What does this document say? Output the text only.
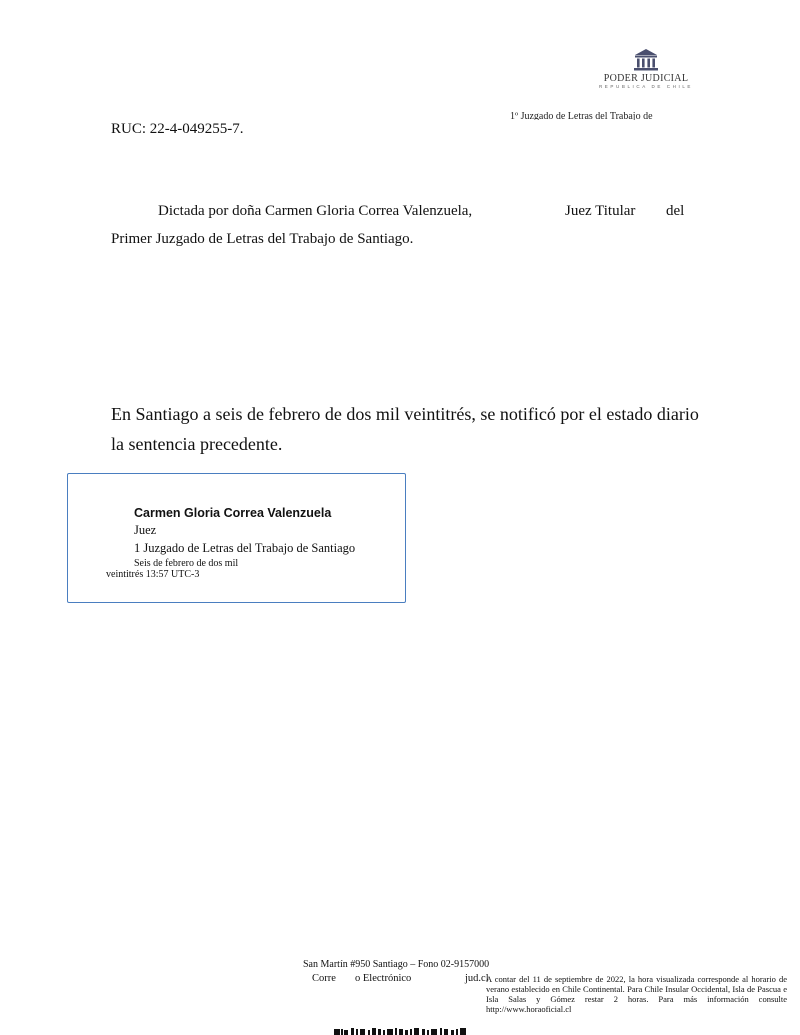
PODER JUDICIAL
REPUBLICA DE CHILE
1º Juzgado de Letras del Trabajo de
RUC: 22-4-049255-7.
Dictada por doña Carmen Gloria Correa Valenzuela,	Juez Titular del
Primer Juzgado de Letras del Trabajo de Santiago.
En Santiago a seis de febrero de dos mil veintitrés, se notificó por el estado diario la sentencia precedente.
Carmen Gloria Correa Valenzuela
Juez
1 Juzgado de Letras del Trabajo de Santiago
Seis de febrero de dos mil
veintitrés 13:57 UTC-3
San Martín #950 Santiago – Fono 02-9157000
Corre o Electrónico	jud.cl
A contar del 11 de septiembre de 2022, la hora visualizada corresponde al horario de verano establecido en Chile Continental. Para Chile Insular Occidental, Isla de Pascua e Isla Salas y Gómez restar 2 horas. Para más información consulte http://www.horaoficial.cl
